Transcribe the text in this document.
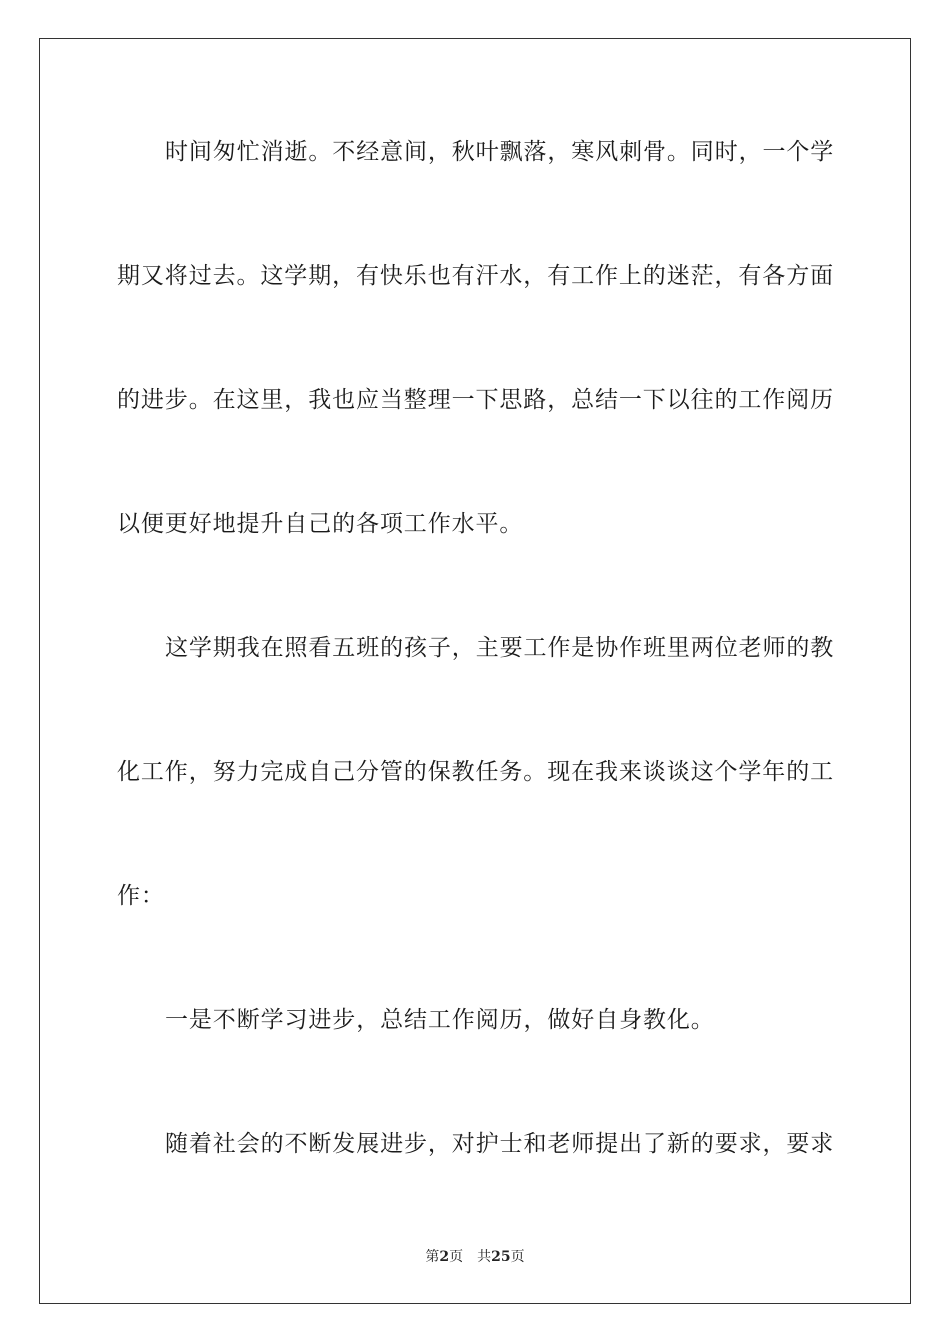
时间匆忙消逝。不经意间，秋叶飘落，寒风刺骨。同时，一个学
期又将过去。这学期，有快乐也有汗水，有工作上的迷茫，有各方面
的进步。在这里，我也应当整理一下思路，总结一下以往的工作阅历
以便更好地提升自己的各项工作水平。
这学期我在照看五班的孩子，主要工作是协作班里两位老师的教
化工作，努力完成自己分管的保教任务。现在我来谈谈这个学年的工
作：
一是不断学习进步，总结工作阅历，做好自身教化。
随着社会的不断发展进步，对护士和老师提出了新的要求，要求
第2页 共25页
